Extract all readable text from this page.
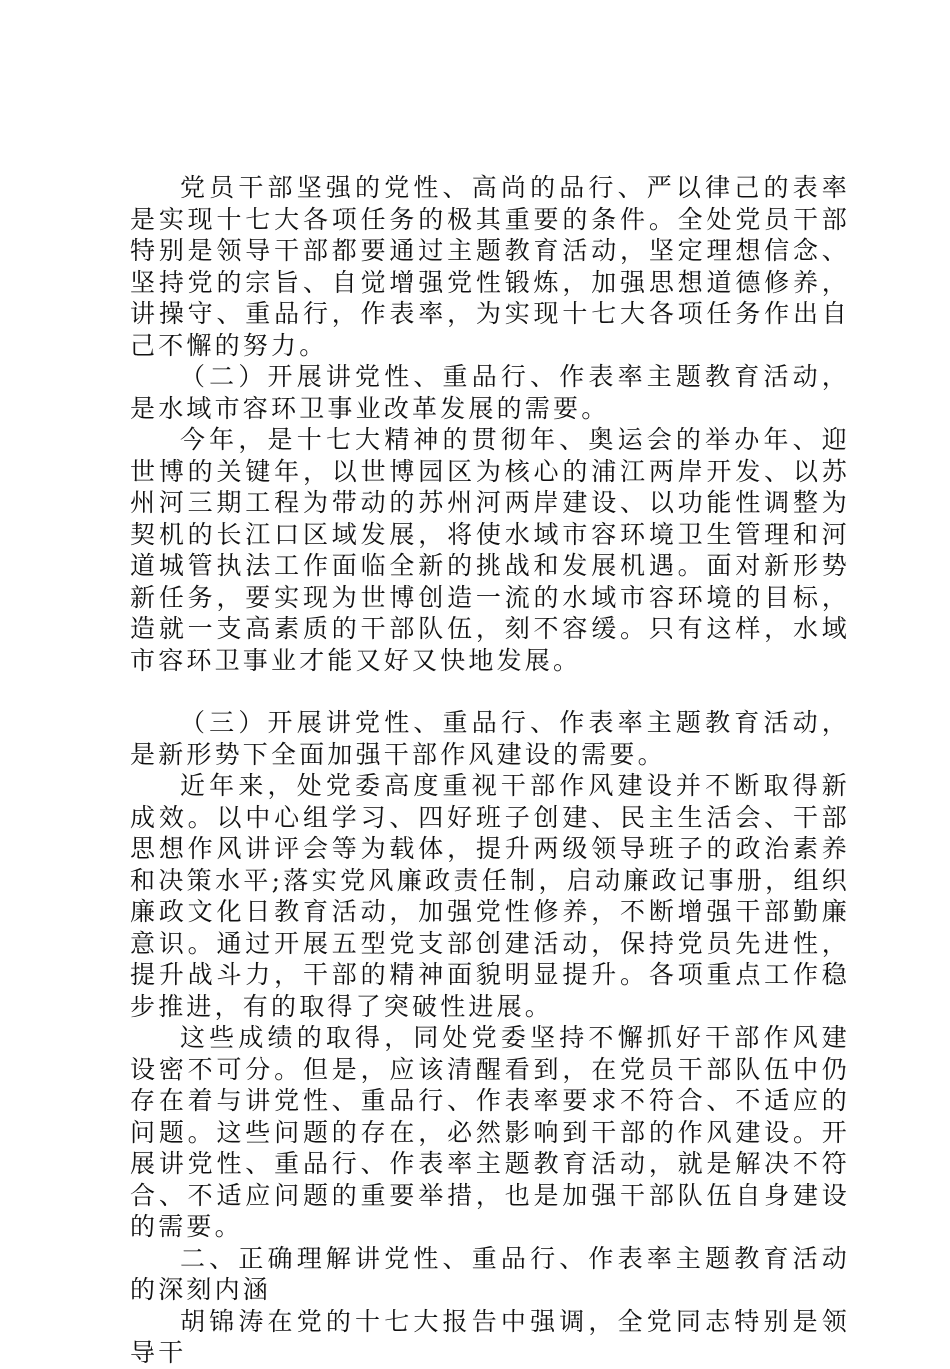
党员干部坚强的党性、高尚的品行、严以律己的表率是实现十七大各项任务的极其重要的条件。全处党员干部特别是领导干部都要通过主题教育活动，坚定理想信念、坚持党的宗旨、自觉增强党性锻炼，加强思想道德修养，讲操守、重品行，作表率，为实现十七大各项任务作出自己不懈的努力。

（二）开展讲党性、重品行、作表率主题教育活动，是水域市容环卫事业改革发展的需要。

今年，是十七大精神的贯彻年、奥运会的举办年、迎世博的关键年，以世博园区为核心的浦江两岸开发、以苏州河三期工程为带动的苏州河两岸建设、以功能性调整为契机的长江口区域发展，将使水域市容环境卫生管理和河道城管执法工作面临全新的挑战和发展机遇。面对新形势新任务，要实现为世博创造一流的水域市容环境的目标，造就一支高素质的干部队伍，刻不容缓。只有这样，水域市容环卫事业才能又好又快地发展。

（三）开展讲党性、重品行、作表率主题教育活动，是新形势下全面加强干部作风建设的需要。

近年来，处党委高度重视干部作风建设并不断取得新成效。以中心组学习、四好班子创建、民主生活会、干部思想作风讲评会等为载体，提升两级领导班子的政治素养和决策水平;落实党风廉政责任制，启动廉政记事册，组织廉政文化日教育活动，加强党性修养，不断增强干部勤廉意识。通过开展五型党支部创建活动，保持党员先进性，提升战斗力，干部的精神面貌明显提升。各项重点工作稳步推进，有的取得了突破性进展。

这些成绩的取得，同处党委坚持不懈抓好干部作风建设密不可分。但是，应该清醒看到，在党员干部队伍中仍存在着与讲党性、重品行、作表率要求不符合、不适应的问题。这些问题的存在，必然影响到干部的作风建设。开展讲党性、重品行、作表率主题教育活动，就是解决不符合、不适应问题的重要举措，也是加强干部队伍自身建设的需要。

二、正确理解讲党性、重品行、作表率主题教育活动的深刻内涵

胡锦涛在党的十七大报告中强调，全党同志特别是领导干
